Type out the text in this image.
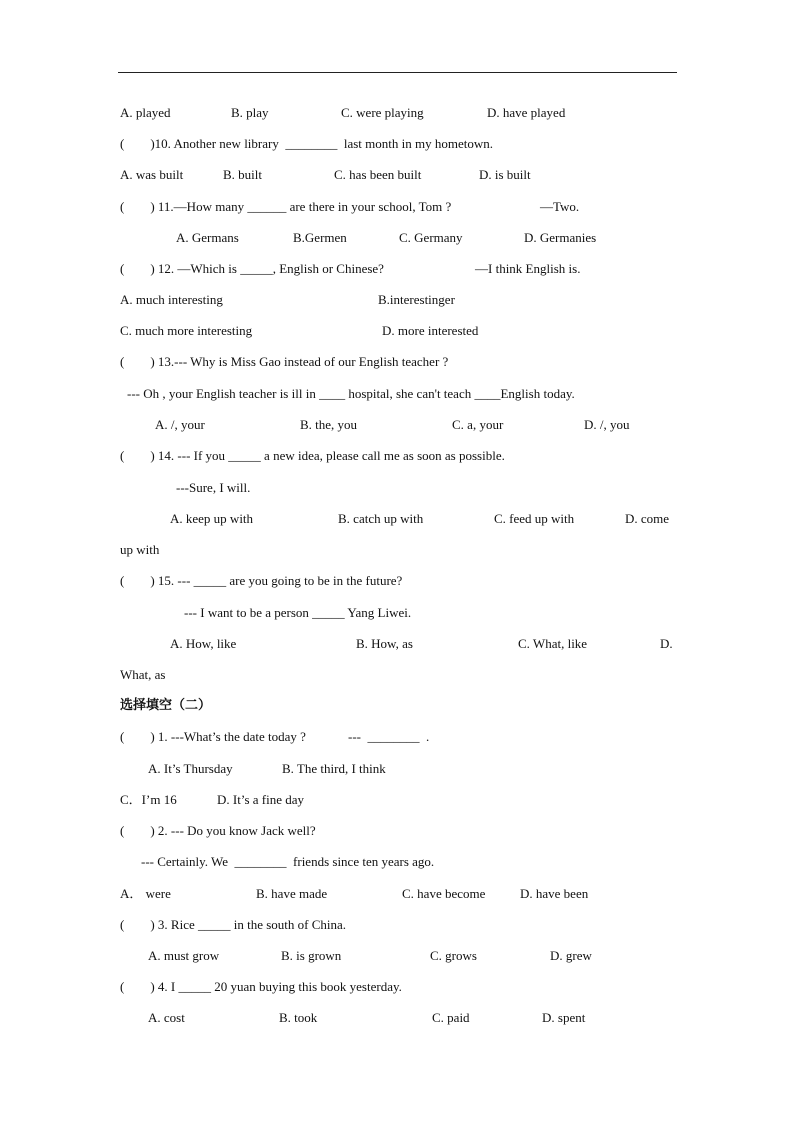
A. played	B. play	C. were playing	D. have played
(        )10. Another new library  ________  last month in my hometown.
A. was built	B. built	C. has been built	D. is built
(        ) 11.—How many ______ are there in your school, Tom ?	—Two.
A. Germans	B.Germen	C. Germany	D. Germanies
(        ) 12. —Which is _____, English or Chinese?	—I think English is.
A. much interesting	B.interestinger
C. much more interesting	D. more interested
(        ) 13.--- Why is Miss Gao instead of our English teacher ?
--- Oh , your English teacher is ill in ____ hospital, she can't teach ____English today.
A. /, your	B. the, you	C. a, your	D. /, you
(        ) 14. --- If you _____ a new idea, please call me as soon as possible.
---Sure, I will.
A. keep up with	B. catch up with	C. feed up with	D. come
up with
(        ) 15. --- _____ are you going to be in the future?
--- I want to be a person _____ Yang Liwei.
A. How, like	B. How, as	C. What, like	D.
What, as
选择填空（二）
(        ) 1. ---What’s the date today ?	---  ________  .
A. It’s Thursday	B. The third, I think
C．I’m 16	D. It’s a fine day
(        ) 2. --- Do you know Jack well?
--- Certainly. We  ________  friends since ten years ago.
A． were	B. have made	C. have become	D. have been
(        ) 3. Rice _____ in the south of China.
A. must grow	B. is grown	C. grows	D. grew
(        ) 4. I _____ 20 yuan buying this book yesterday.
A. cost	B. took	C. paid	D. spent
